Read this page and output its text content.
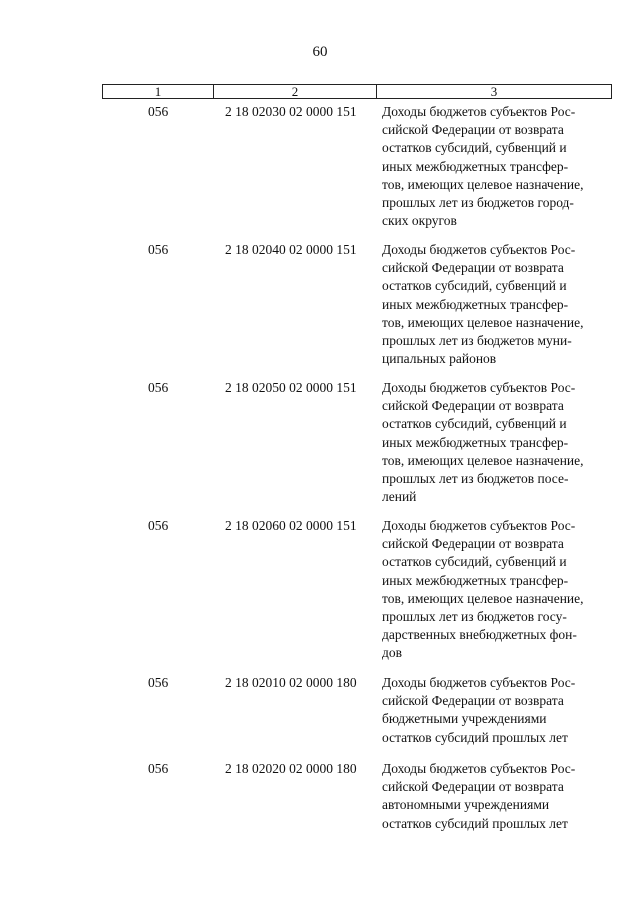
60
1	2	3
056	2 18 02030 02 0000 151 Доходы бюджетов субъектов Рос-
сийской Федерации от возврата
остатков субсидий, субвенций и
иных межбюджетных трансфер-
тов, имеющих целевое назначение,
прошлых лет из бюджетов город-
ских округов
056	2 18 02040 02 0000 151 Доходы бюджетов субъектов Рос-
сийской Федерации от возврата
остатков субсидий, субвенций и
иных межбюджетных трансфер-
тов, имеющих целевое назначение,
прошлых лет из бюджетов муни-
ципальных районов
056	2 18 02050 02 0000 151 Доходы бюджетов субъектов Рос-
сийской Федерации от возврата
остатков субсидий, субвенций и
иных межбюджетных трансфер-
тов, имеющих целевое назначение,
прошлых лет из бюджетов посе-
лений
056	2 18 02060 02 0000 151 Доходы бюджетов субъектов Рос-
сийской Федерации от возврата
остатков субсидий, субвенций и
иных межбюджетных трансфер-
тов, имеющих целевое назначение,
прошлых лет из бюджетов госу-
дарственных внебюджетных фон-
дов
056	2 18 02010 02 0000 180 Доходы бюджетов субъектов Рос-
сийской Федерации от возврата
бюджетными учреждениями
остатков субсидий прошлых лет
056	2 18 02020 02 0000 180 Доходы бюджетов субъектов Рос-
сийской Федерации от возврата
автономными учреждениями
остатков субсидий прошлых лет
